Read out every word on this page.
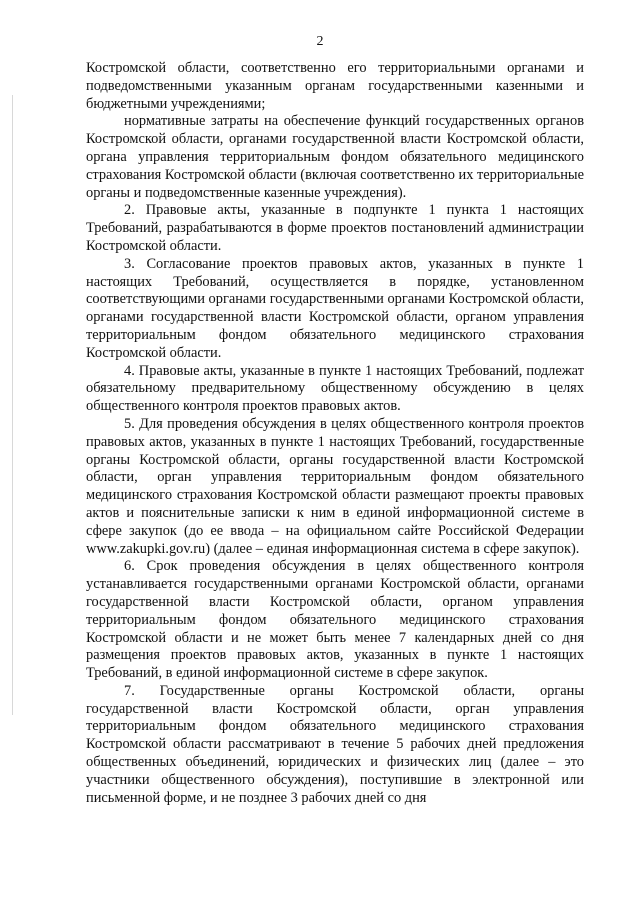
2

Костромской области, соответственно его территориальными органами и подведомственными указанным органам государственными казенными и бюджетными учреждениями;

нормативные затраты на обеспечение функций государственных органов Костромской области, органами государственной власти Костромской области, органа управления территориальным фондом обязательного медицинского страхования Костромской области (включая соответственно их территориальные органы и подведомственные казенные учреждения).

2. Правовые акты, указанные в подпункте 1 пункта 1 настоящих Требований, разрабатываются в форме проектов постановлений администрации Костромской области.

3. Согласование проектов правовых актов, указанных в пункте 1 настоящих Требований, осуществляется в порядке, установленном соответствующими органами государственными органами Костромской области, органами государственной власти Костромской области, органом управления территориальным фондом обязательного медицинского страхования Костромской области.

4. Правовые акты, указанные в пункте 1 настоящих Требований, подлежат обязательному предварительному общественному обсуждению в целях общественного контроля проектов правовых актов.

5. Для проведения обсуждения в целях общественного контроля проектов правовых актов, указанных в пункте 1 настоящих Требований, государственные органы Костромской области, органы государственной власти Костромской области, орган управления территориальным фондом обязательного медицинского страхования Костромской области размещают проекты правовых актов и пояснительные записки к ним в единой информационной системе в сфере закупок (до ее ввода – на официальном сайте Российской Федерации www.zakupki.gov.ru) (далее – единая информационная система в сфере закупок).

6. Срок проведения обсуждения в целях общественного контроля устанавливается государственными органами Костромской области, органами государственной власти Костромской области, органом управления территориальным фондом обязательного медицинского страхования Костромской области и не может быть менее 7 календарных дней со дня размещения проектов правовых актов, указанных в пункте 1 настоящих Требований, в единой информационной системе в сфере закупок.

7. Государственные органы Костромской области, органы государственной власти Костромской области, орган управления территориальным фондом обязательного медицинского страхования Костромской области рассматривают в течение 5 рабочих дней предложения общественных объединений, юридических и физических лиц (далее – это участники общественного обсуждения), поступившие в электронной или письменной форме, и не позднее 3 рабочих дней со дня
